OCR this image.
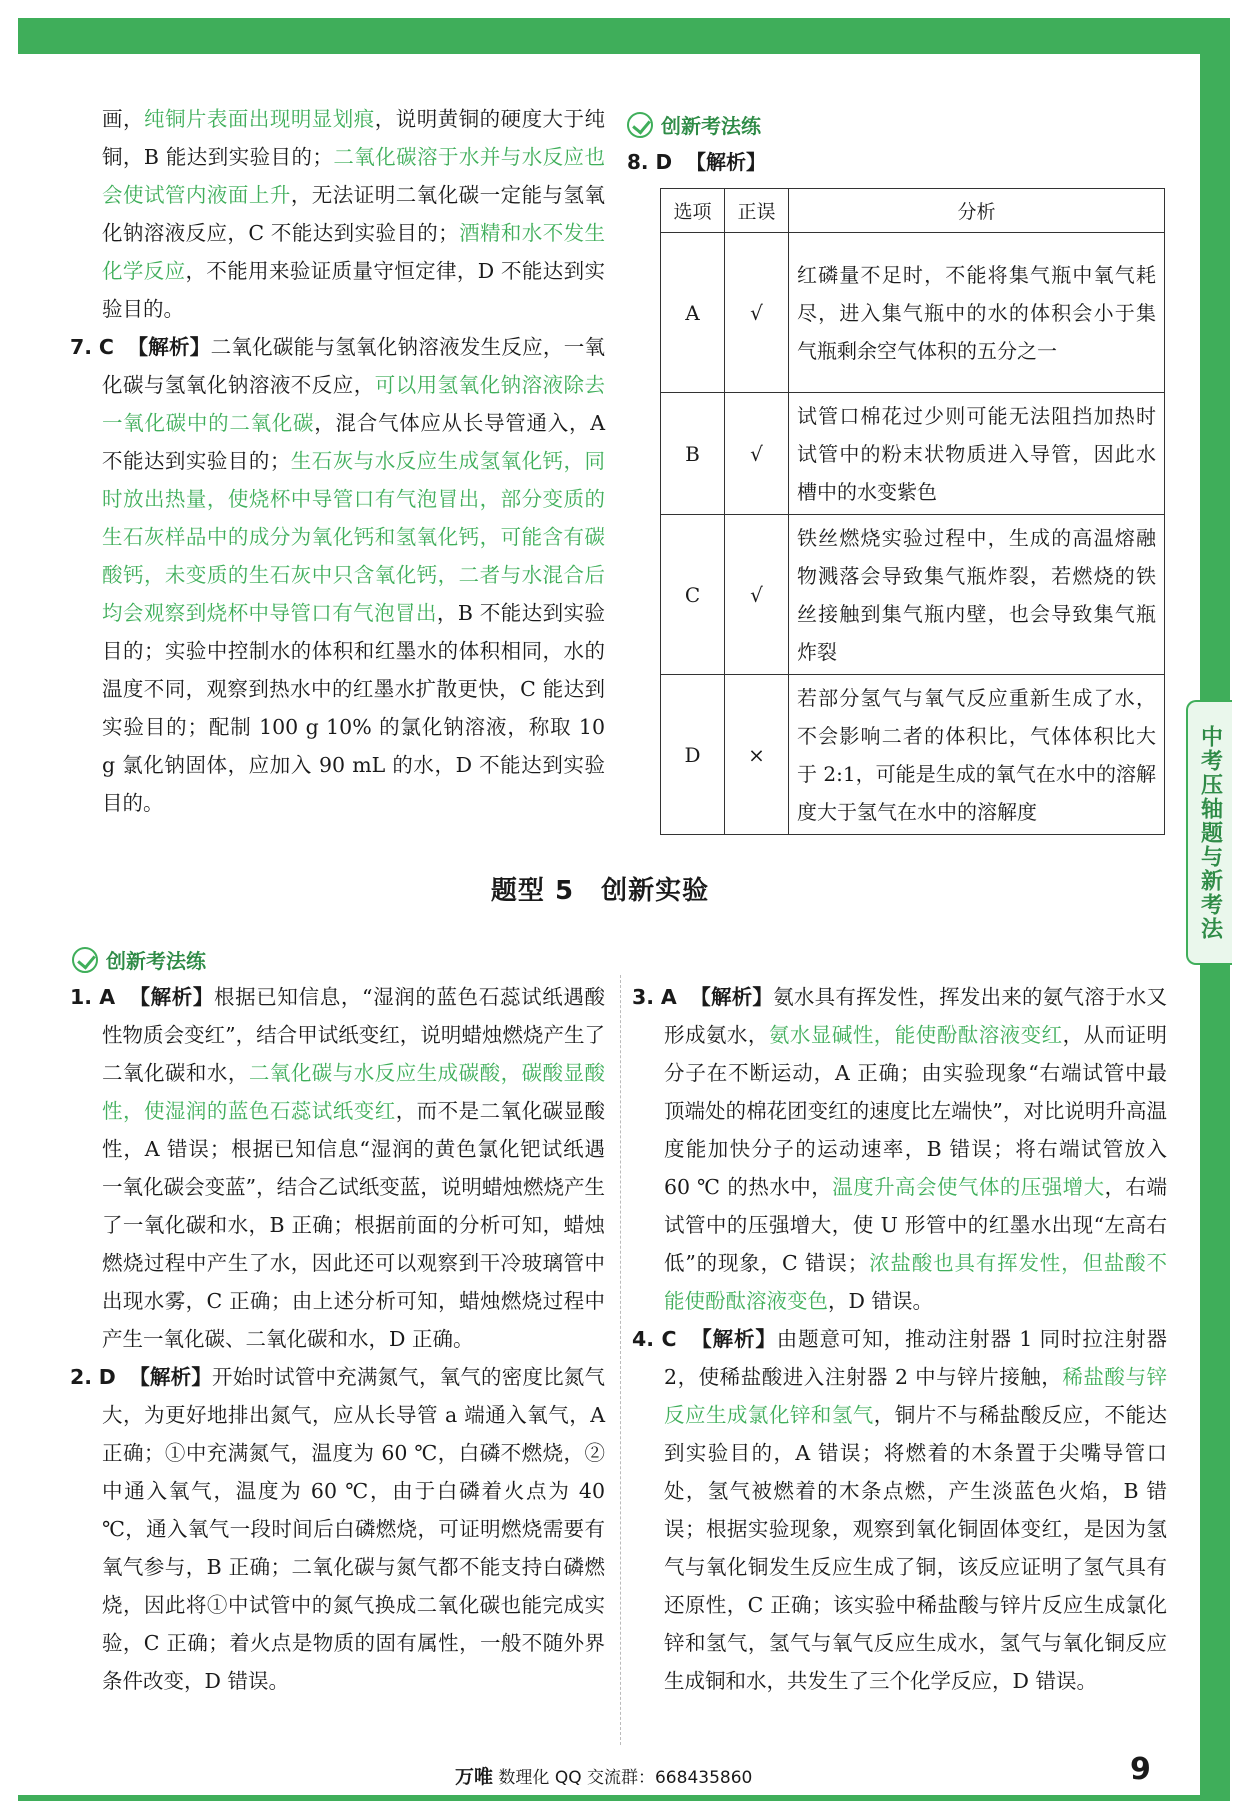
中考压轴题与新考法

画，纯铜片表面出现明显划痕，说明黄铜的硬度大于纯铜，B 能达到实验目的；二氧化碳溶于水并与水反应也会使试管内液面上升，无法证明二氧化碳一定能与氢氧化钠溶液反应，C 不能达到实验目的；酒精和水不发生化学反应，不能用来验证质量守恒定律，D 不能达到实验目的。

7. C 【解析】二氧化碳能与氢氧化钠溶液发生反应，一氧化碳与氢氧化钠溶液不反应，可以用氢氧化钠溶液除去一氧化碳中的二氧化碳，混合气体应从长导管通入，A 不能达到实验目的；生石灰与水反应生成氢氧化钙，同时放出热量，使烧杯中导管口有气泡冒出，部分变质的生石灰样品中的成分为氧化钙和氢氧化钙，可能含有碳酸钙，未变质的生石灰中只含氧化钙，二者与水混合后均会观察到烧杯中导管口有气泡冒出，B 不能达到实验目的；实验中控制水的体积和红墨水的体积相同，水的温度不同，观察到热水中的红墨水扩散更快，C 能达到实验目的；配制 100 g 10% 的氯化钠溶液，称取 10 g 氯化钠固体，应加入 90 mL 的水，D 不能达到实验目的。

创新考法练
8. D 【解析】
选项	正误	分析
A	√	红磷量不足时，不能将集气瓶中氧气耗尽，进入集气瓶中的水的体积会小于集气瓶剩余空气体积的五分之一
B	√	试管口棉花过少则可能无法阻挡加热时试管中的粉末状物质进入导管，因此水槽中的水变紫色
C	√	铁丝燃烧实验过程中，生成的高温熔融物溅落会导致集气瓶炸裂，若燃烧的铁丝接触到集气瓶内壁，也会导致集气瓶炸裂
D	×	若部分氢气与氧气反应重新生成了水，不会影响二者的体积比，气体体积比大于 2:1，可能是生成的氧气在水中的溶解度大于氢气在水中的溶解度
题型 5　创新实验
创新考法练

1. A 【解析】根据已知信息，“湿润的蓝色石蕊试纸遇酸性物质会变红”，结合甲试纸变红，说明蜡烛燃烧产生了二氧化碳和水，二氧化碳与水反应生成碳酸，碳酸显酸性，使湿润的蓝色石蕊试纸变红，而不是二氧化碳显酸性，A 错误；根据已知信息“湿润的黄色氯化钯试纸遇一氧化碳会变蓝”，结合乙试纸变蓝，说明蜡烛燃烧产生了一氧化碳和水，B 正确；根据前面的分析可知，蜡烛燃烧过程中产生了水，因此还可以观察到干冷玻璃管中出现水雾，C 正确；由上述分析可知，蜡烛燃烧过程中产生一氧化碳、二氧化碳和水，D 正确。

2. D 【解析】开始时试管中充满氮气，氧气的密度比氮气大，为更好地排出氮气，应从长导管 a 端通入氧气，A 正确；①中充满氮气，温度为 60 ℃，白磷不燃烧，②中通入氧气，温度为 60 ℃，由于白磷着火点为 40 ℃，通入氧气一段时间后白磷燃烧，可证明燃烧需要有氧气参与，B 正确；二氧化碳与氮气都不能支持白磷燃烧，因此将①中试管中的氮气换成二氧化碳也能完成实验，C 正确；着火点是物质的固有属性，一般不随外界条件改变，D 错误。

3. A 【解析】氨水具有挥发性，挥发出来的氨气溶于水又形成氨水，氨水显碱性，能使酚酞溶液变红，从而证明分子在不断运动，A 正确；由实验现象“右端试管中最顶端处的棉花团变红的速度比左端快”，对比说明升高温度能加快分子的运动速率，B 错误；将右端试管放入 60 ℃ 的热水中，温度升高会使气体的压强增大，右端试管中的压强增大，使 U 形管中的红墨水出现“左高右低”的现象，C 错误；浓盐酸也具有挥发性，但盐酸不能使酚酞溶液变色，D 错误。

4. C 【解析】由题意可知，推动注射器 1 同时拉注射器 2，使稀盐酸进入注射器 2 中与锌片接触，稀盐酸与锌反应生成氯化锌和氢气，铜片不与稀盐酸反应，不能达到实验目的，A 错误；将燃着的木条置于尖嘴导管口处，氢气被燃着的木条点燃，产生淡蓝色火焰，B 错误；根据实验现象，观察到氧化铜固体变红，是因为氢气与氧化铜发生反应生成了铜，该反应证明了氢气具有还原性，C 正确；该实验中稀盐酸与锌片反应生成氯化锌和氢气，氢气与氧气反应生成水，氢气与氧化铜反应生成铜和水，共发生了三个化学反应，D 错误。

万唯 数理化 QQ 交流群：668435860	9
